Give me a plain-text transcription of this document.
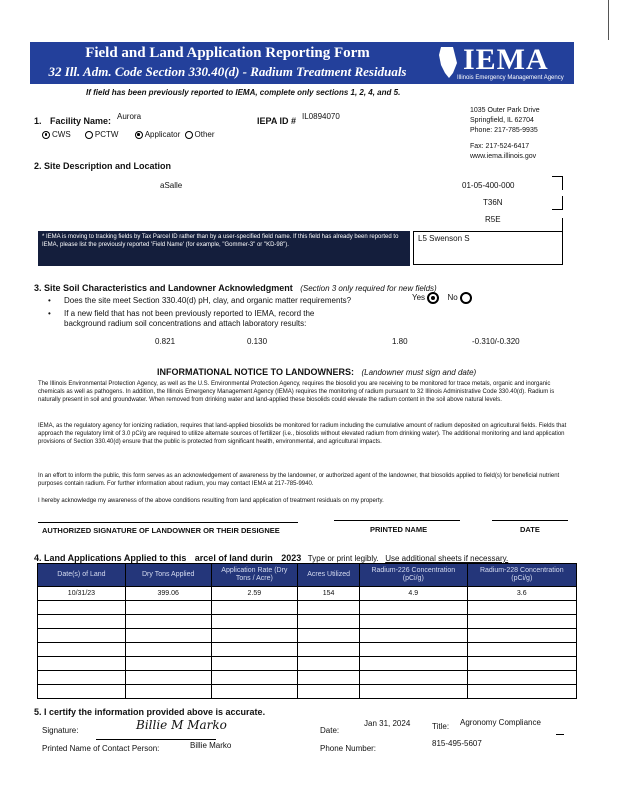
Field and Land Application Reporting Form
32 Ill. Adm. Code Section 330.40(d) - Radium Treatment Residuals	IEMA
Illinois Emergency Management Agency
If field has been previously reported to IEMA, complete only sections 1, 2, 4, and 5.
1035 Outer Park Drive
Springfield, IL 62704
Phone: 217-785-9935
Fax: 217-524-6417
www.iema.illinois.gov
1. Facility Name: Aurora	IEPA ID # IL0894070
CWS	PCTW	Applicator Other
2. Site Description and Location
aSalle	01-05-400-000
T36N
R5E
* IEMA is moving to tracking fields by Tax Parcel ID rather than by a user-specified field name. If this field has already been reported to IEMA, please list the previously reported 'Field Name' (for example, "Gommer-3" or "KD-98").
L5 Swenson S
3. Site Soil Characteristics and Landowner Acknowledgment (Section 3 only required for new fields)
• Does the site meet Section 330.40(d) pH, clay, and organic matter requirements?	Yes	No
• If a new field that has not been previously reported to IEMA, record the
background radium soil concentrations and attach laboratory results:
0.821	0.130	1.80	-0.310/-0.320
INFORMATIONAL NOTICE TO LANDOWNERS: (Landowner must sign and date)
The Illinois Environmental Protection Agency, as well as the U.S. Environmental Protection Agency, requires the biosolid you are receiving to be monitored for trace metals, organic and inorganic chemicals as well as pathogens. In addition, the Illinois Emergency Management Agency (IEMA) requires the monitoring of radium pursuant to 32 Illinois Administrative Code 330.40(d). Radium is naturally present in soil and groundwater. When removed from drinking water and land-applied these biosolids could elevate the radium content in the soil above natural levels.
IEMA, as the regulatory agency for ionizing radiation, requires that land-applied biosolids be monitored for radium including the cumulative amount of radium deposited on agricultural fields. Fields that approach the regulatory limit of 3.0 pCi/g are required to utilize alternate sources of fertilizer (i.e., biosolids without elevated radium from drinking water). The additional monitoring and land application provisions of Section 330.40(d) ensure that the public is protected from significant health, environmental, and agricultural impacts.
In an effort to inform the public, this form serves as an acknowledgement of awareness by the landowner, or authorized agent of the landowner, that biosolids applied to field(s) for beneficial nutrient purposes contain radium. For further information about radium, you may contact IEMA at 217-785-9940.
I hereby acknowledge my awareness of the above conditions resulting from land application of treatment residuals on my property.
AUTHORIZED SIGNATURE OF LANDOWNER OR THEIR DESIGNEE	PRINTED NAME	DATE
4. Land Applications Applied to this arcel of land durin 2023 Type or print legibly. Use additional sheets if necessary.
Date(s) of Land	Dry Tons Applied	Application Rate (Dry Tons / Acre)	Acres Utilized	Radium-226 Concentration (pCi/g)	Radium-228 Concentration (pCi/g)
10/31/23	399.06	2.59	154	4.9	3.6

5. I certify the information provided above is accurate.
Signature:	Billie M Marko	Date:
Jan 31, 2024	Title: Agronomy Compliance
Printed Name of Contact Person:	Billie Marko	Phone Number:
815-495-5607
